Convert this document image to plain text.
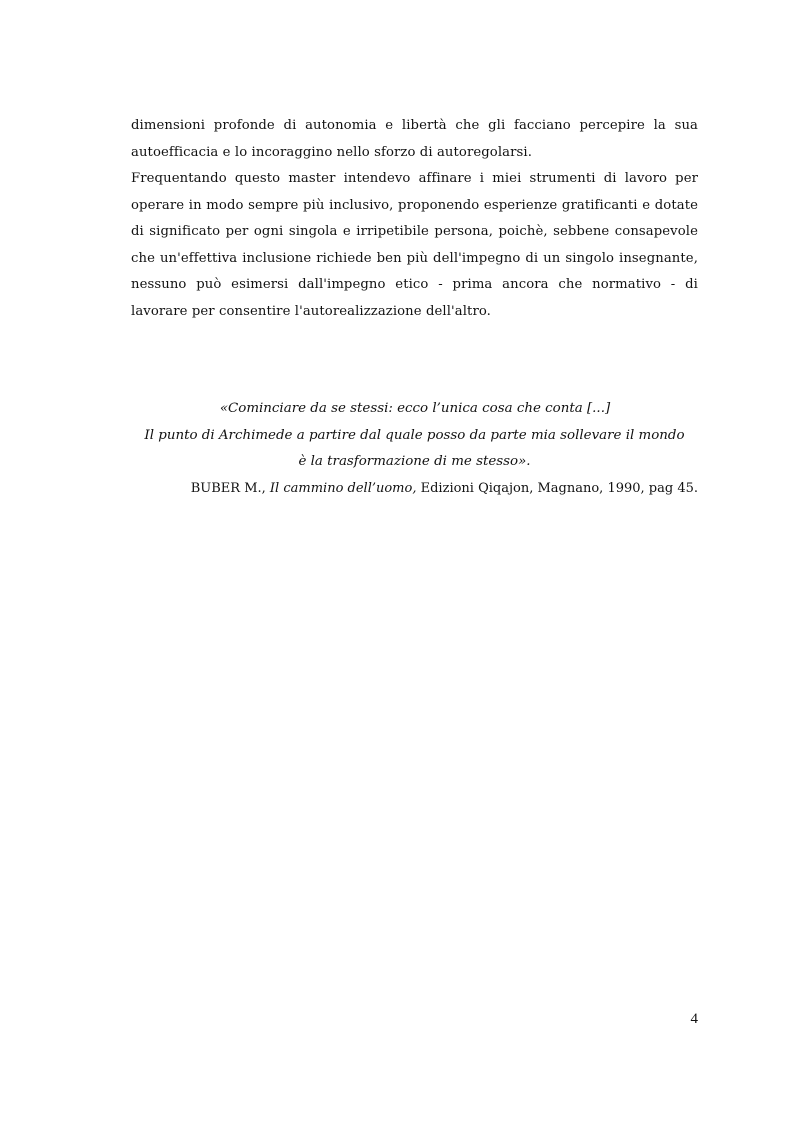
dimensioni profonde di autonomia e libertà che gli facciano percepire la sua autoefficacia e lo incoraggino nello sforzo di autoregolarsi.

Frequentando questo master intendevo affinare i miei strumenti di lavoro per operare in modo sempre più inclusivo, proponendo esperienze gratificanti e dotate di significato per ogni singola e irripetibile persona, poichè, sebbene consapevole che un'effettiva inclusione richiede ben più dell'impegno di un singolo insegnante, nessuno può esimersi dall'impegno etico - prima ancora che normativo - di lavorare per consentire l'autorealizzazione dell'altro.

«Cominciare da se stessi: ecco l’unica cosa che conta [...]
Il punto di Archimede a partire dal quale posso da parte mia sollevare il mondo
è la trasformazione di me stesso».
BUBER M., Il cammino dell’uomo, Edizioni Qiqajon, Magnano, 1990, pag 45.
4
